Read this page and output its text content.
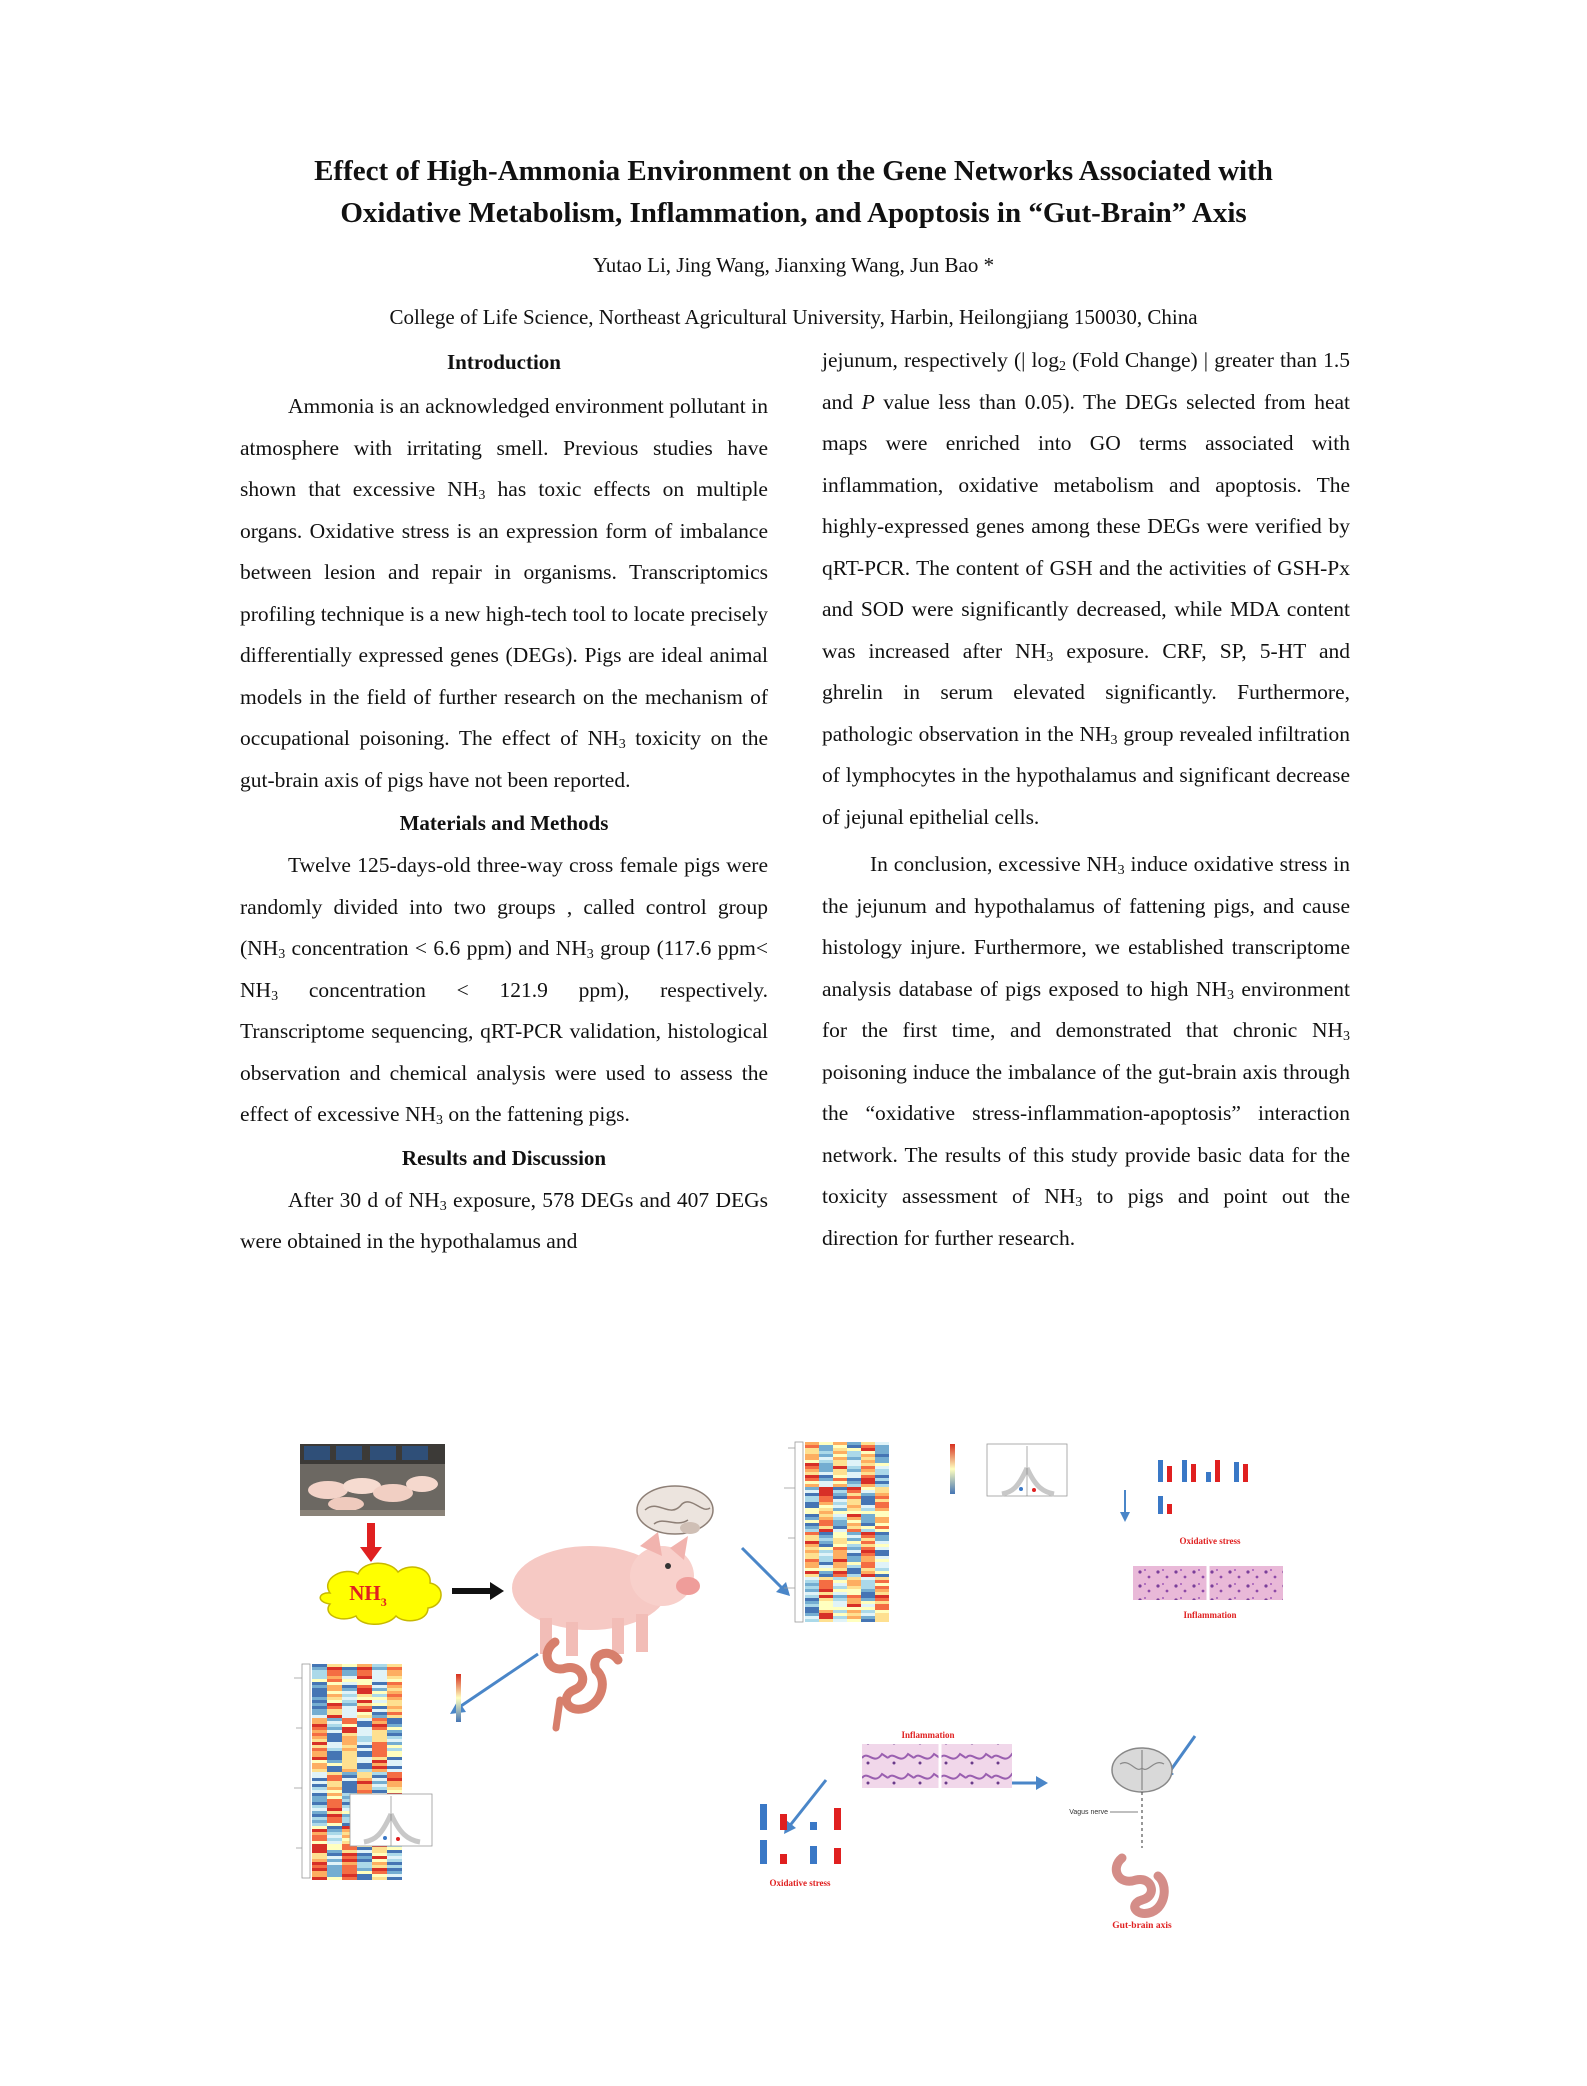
Effect of High-Ammonia Environment on the Gene Networks Associated with
Oxidative Metabolism, Inflammation, and Apoptosis in “Gut-Brain” Axis
Yutao Li, Jing Wang, Jianxing Wang, Jun Bao *
College of Life Science, Northeast Agricultural University, Harbin, Heilongjiang 150030, China
Introduction

Ammonia is an acknowledged environment pollutant in atmosphere with irritating smell. Previous studies have shown that excessive $NH_3$ has toxic effects on multiple organs. Oxidative stress is an expression form of imbalance between lesion and repair in organisms. Transcriptomics profiling technique is a new high-tech tool to locate precisely differentially expressed genes (DEGs). Pigs are ideal animal models in the field of further research on the mechanism of occupational poisoning. The effect of $NH_3$ toxicity on the gut-brain axis of pigs have not been reported.

Materials and Methods

Twelve 125-days-old three-way cross female pigs were randomly divided into two groups , called control group ($NH_3$ concentration < 6.6 ppm) and $NH_3$ group (117.6 $ppm< NH_3$ concentration < 121.9 ppm), respectively. Transcriptome sequencing, qRT-PCR validation, histological observation and chemical analysis were used to assess the effect of excessive $NH_3$ on the fattening pigs.

Results and Discussion

After 30 d of $NH_3$ exposure, 578 DEGs and 407 DEGs were obtained in the hypothalamus and

jejunum, respectively (| $\log_2$ (Fold Change) | greater than 1.5 and P value less than 0.05). The DEGs selected from heat maps were enriched into GO terms associated with inflammation, oxidative metabolism and apoptosis. The highly-expressed genes among these DEGs were verified by qRT-PCR. The content of GSH and the activities of GSH-Px and SOD were significantly decreased, while MDA content was increased after $NH_3$ exposure. CRF, SP, 5-HT and ghrelin in serum elevated significantly. Furthermore, pathologic observation in the $NH_3$ group revealed infiltration of lymphocytes in the hypothalamus and significant decrease of jejunal epithelial cells.

In conclusion, excessive $NH_3$ induce oxidative stress in the jejunum and hypothalamus of fattening pigs, and cause histology injure. Furthermore, we established transcriptome analysis database of pigs exposed to high $NH_3$ environment for the first time, and demonstrated that chronic $NH_3$ poisoning induce the imbalance of the gut-brain axis through the “oxidative stress-inflammation-apoptosis” interaction network. The results of this study provide basic data for the toxicity assessment of $NH_3$ to pigs and point out the direction for further research.

$NH_3$
Oxidative stress
Inflammation
Inflammation
Oxidative stress
Vagus nerve
Gut-brain axis
